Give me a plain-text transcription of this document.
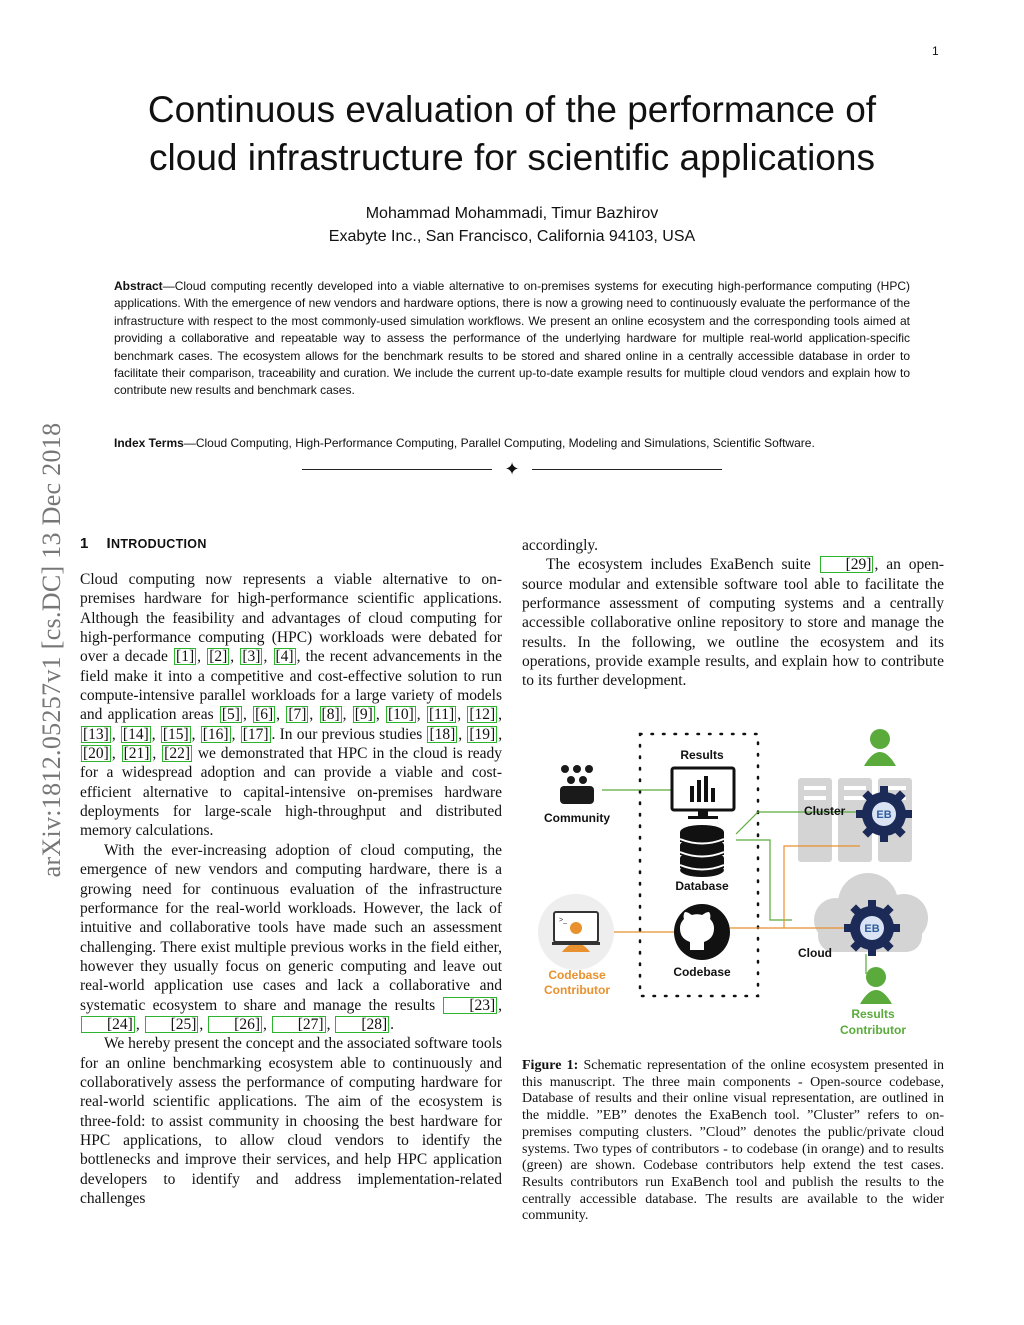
1
arXiv:1812.05257v1 [cs.DC] 13 Dec 2018
Continuous evaluation of the performance of
cloud infrastructure for scientific applications
Mohammad Mohammadi, Timur Bazhirov
Exabyte Inc., San Francisco, California 94103, USA
Abstract—Cloud computing recently developed into a viable alternative to on-premises systems for executing high-performance computing (HPC) applications. With the emergence of new vendors and hardware options, there is now a growing need to continuously evaluate the performance of the infrastructure with respect to the most commonly-used simulation workflows. We present an online ecosystem and the corresponding tools aimed at providing a collaborative and repeatable way to assess the performance of the underlying hardware for multiple real-world application-specific benchmark cases. The ecosystem allows for the benchmark results to be stored and shared online in a centrally accessible database in order to facilitate their comparison, traceability and curation. We include the current up-to-date example results for multiple cloud vendors and explain how to contribute new results and benchmark cases.
Index Terms—Cloud Computing, High-Performance Computing, Parallel Computing, Modeling and Simulations, Scientific Software.
✦
1 INTRODUCTION

Cloud computing now represents a viable alternative to on-premises hardware for high-performance scientific applications. Although the feasibility and advantages of cloud computing for high-performance computing (HPC) workloads were debated for over a decade [1] , [2] , [3] , [4] , the recent advancements in the field make it into a competitive and cost-effective solution to run compute-intensive parallel workloads for a large variety of models and application areas [5] , [6] , [7] , [8] , [9] , [10] , [11] , [12] , [13] , [14] , [15] , [16] , [17] . In our previous studies [18] , [19] , [20] , [21] , [22] we demonstrated that HPC in the cloud is ready for a widespread adoption and can provide a viable and cost-efficient alternative to capital-intensive on-premises hardware deployments for large-scale high-throughput and distributed memory calculations.

With the ever-increasing adoption of cloud computing, the emergence of new vendors and computing hardware, there is a growing need for continuous evaluation of the infrastructure performance for the real-world workloads. However, the lack of intuitive and collaborative tools have made such an assessment challenging. There exist multiple previous works in the field either, however they usually focus on generic computing and leave out real-world application use cases and lack a collaborative and systematic ecosystem to share and manage the results [23] , [24] , [25] , [26] , [27] , [28] .

We hereby present the concept and the associated software tools for an online benchmarking ecosystem able to continuously and collaboratively assess the performance of computing hardware for real-world scientific applications. The aim of the ecosystem is three-fold: to assist community in choosing the best hardware for HPC applications, to allow cloud vendors to identify the bottlenecks and improve their services, and help HPC application developers to identify and address implementation-related challenges

accordingly.

The ecosystem includes ExaBench suite [29] , an open-source modular and extensible software tool able to facilitate the performance assessment of computing systems and a centrally accessible collaborative online repository to store and manage the results. In the following, we outline the ecosystem and its operations, provide example results, and explain how to contribute to its further development.

Community
Results
Database
Codebase
>_
Codebase
Contributor
Cluster	EB
Cloud
EB
Results
Contributor
Figure 1: Schematic representation of the online ecosystem presented in this manuscript. The three main components - Open-source codebase, Database of results and their online visual representation, are outlined in the middle. ”EB” denotes the ExaBench tool. ”Cluster” refers to on-premises computing clusters. ”Cloud” denotes the public/private cloud systems. Two types of contributors - to codebase (in orange) and to results (green) are shown. Codebase contributors help extend the test cases. Results contributors run ExaBench tool and publish the results to the centrally accessible database. The results are available to the wider community.
